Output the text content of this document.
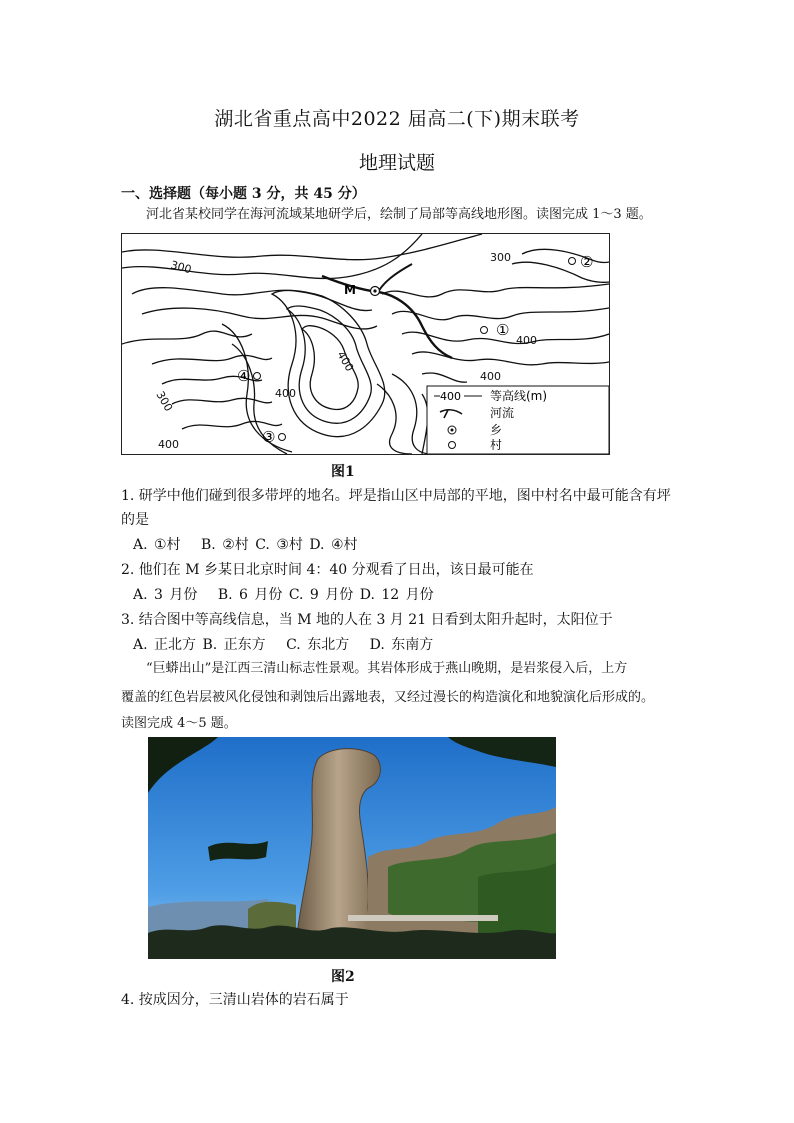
湖北省重点高中2022 届高二(下)期末联考
地理试题
一、选择题（每小题 3 分，共 45 分）
河北省某校同学在海河流域某地研学后，绘制了局部等高线地形图。读图完成 1～3 题。
300
300
300
400
400
400
400
400
M
①
②
③
④
400 等高线(m)
河流
乡
村
图1
1. 研学中他们碰到很多带坪的地名。坪是指山区中局部的平地，图中村名中最可能含有坪
的是
A. ①村　 B. ②村 C. ③村 D. ④村
2. 他们在 M 乡某日北京时间 4：40 分观看了日出，该日最可能在
A. 3 月份　 B. 6 月份 C. 9 月份 D. 12 月份
3. 结合图中等高线信息，当 M 地的人在 3 月 21 日看到太阳升起时，太阳位于
A. 正北方 B. 正东方　 C. 东北方　 D. 东南方
“巨蟒出山”是江西三清山标志性景观。其岩体形成于燕山晚期，是岩浆侵入后，上方
覆盖的红色岩层被风化侵蚀和剥蚀后出露地表，又经过漫长的构造演化和地貌演化后形成的。
读图完成 4～5 题。
图2
4. 按成因分，三清山岩体的岩石属于
